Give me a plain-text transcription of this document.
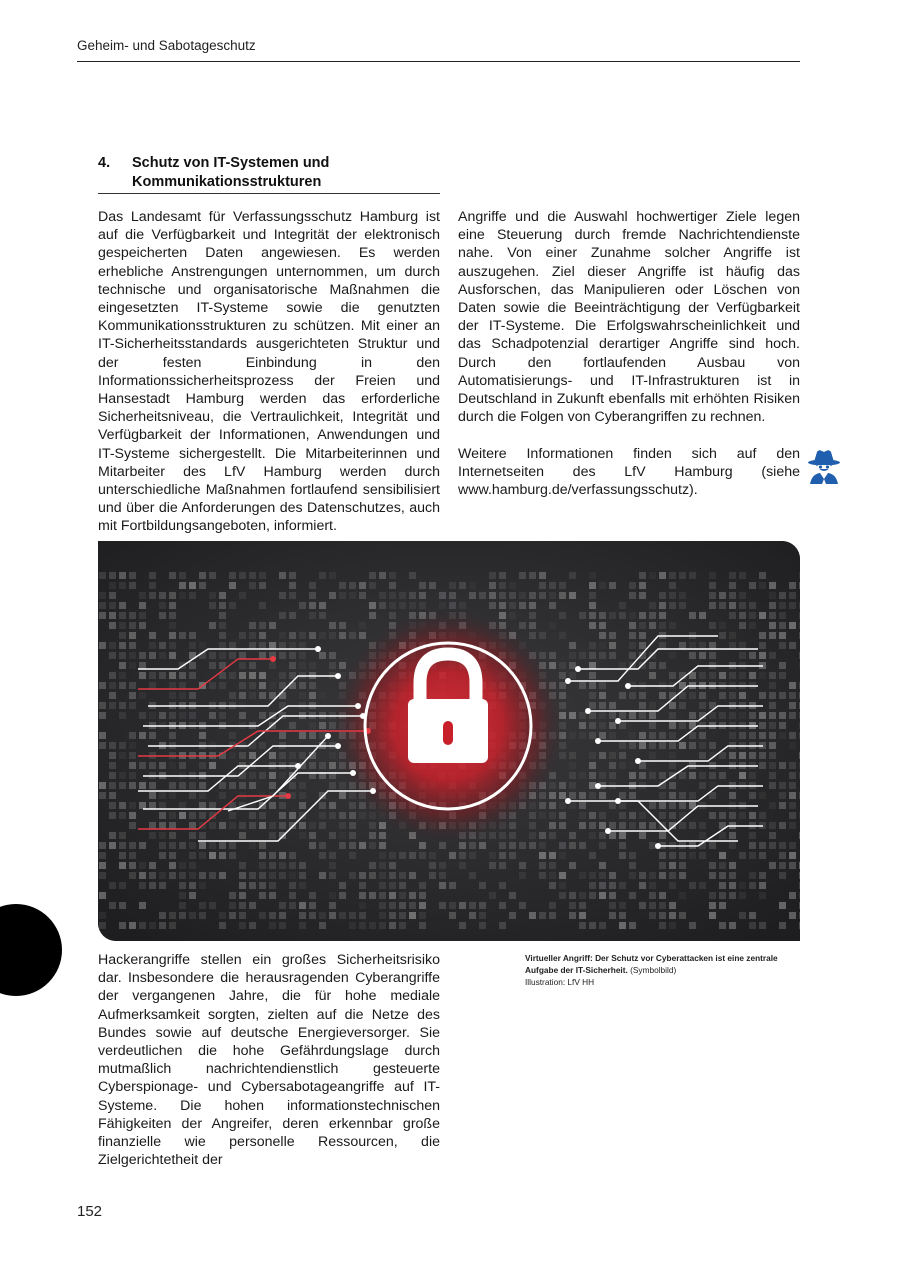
Geheim- und Sabotageschutz
4. Schutz von IT-Systemen und
Kommunikationsstrukturen

Das Landesamt für Verfassungsschutz Hamburg ist auf die Verfügbarkeit und Integrität der elektronisch gespeicherten Daten angewiesen. Es werden erhebliche Anstrengungen unternommen, um durch technische und organisatorische Maßnahmen die eingesetzten IT-Systeme sowie die genutzten Kommunikationsstrukturen zu schützen. Mit einer an IT-Sicherheitsstandards ausgerichteten Struktur und der festen Einbindung in den Informationssicherheitsprozess der Freien und Hansestadt Hamburg werden das erforderliche Sicherheitsniveau, die Vertraulichkeit, Integrität und Verfügbarkeit der Informationen, Anwendungen und IT-Systeme sichergestellt. Die Mitarbeiterinnen und Mitarbeiter des LfV Hamburg werden durch unterschiedliche Maßnahmen fortlaufend sensibilisiert und über die Anforderungen des Datenschutzes, auch mit Fortbildungsangeboten, informiert.

Angriffe und die Auswahl hochwertiger Ziele legen eine Steuerung durch fremde Nachrichtendienste nahe. Von einer Zunahme solcher Angriffe ist auszugehen. Ziel dieser Angriffe ist häufig das Ausforschen, das Manipulieren oder Löschen von Daten sowie die Beeinträchtigung der Verfügbarkeit der IT-Systeme. Die Erfolgswahrscheinlichkeit und das Schadpotenzial derartiger Angriffe sind hoch. Durch den fortlaufenden Ausbau von Automatisierungs- und IT-Infrastrukturen ist in Deutschland in Zukunft ebenfalls mit erhöhten Risiken durch die Folgen von Cyberangriffen zu rechnen.

Weitere Informationen finden sich auf den Internetseiten des LfV Hamburg (siehe www.hamburg.de/verfassungsschutz).

Virtueller Angriff: Der Schutz vor Cyberattacken ist eine zentrale Aufgabe der IT-Sicherheit. (Symbolbild)
Illustration: LfV HH

Hackerangriffe stellen ein großes Sicherheitsrisiko dar. Insbesondere die herausragenden Cyberangriffe der vergangenen Jahre, die für hohe mediale Aufmerksamkeit sorgten, zielten auf die Netze des Bundes sowie auf deutsche Energieversorger. Sie verdeutlichen die hohe Gefährdungslage durch mutmaßlich nachrichtendienstlich gesteuerte Cyberspionage- und Cybersabotageangriffe auf IT-Systeme. Die hohen informationstechnischen Fähigkeiten der Angreifer, deren erkennbar große finanzielle wie personelle Ressourcen, die Zielgerichtetheit der

152
